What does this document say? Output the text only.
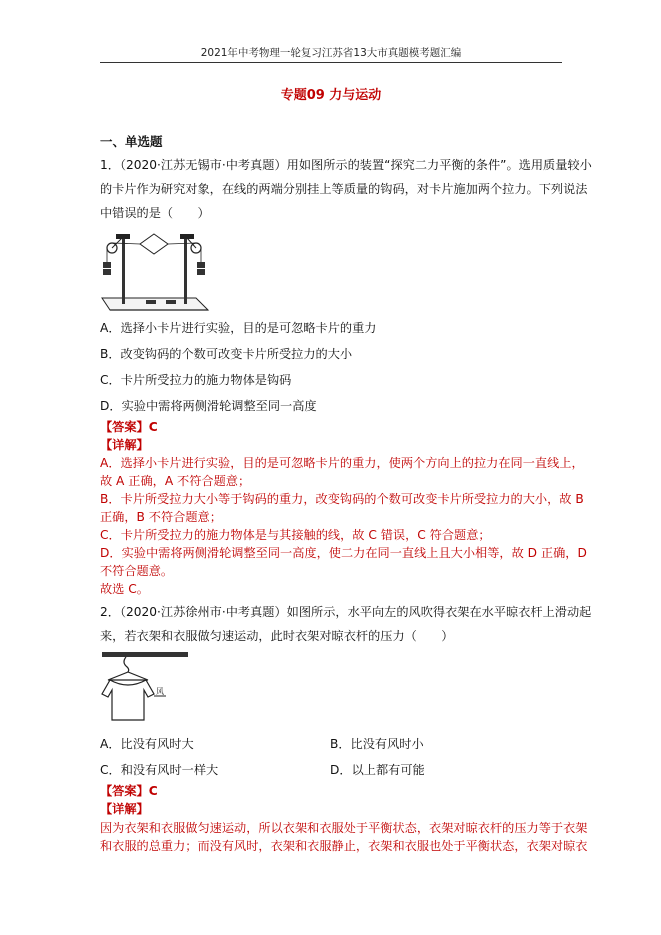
2021年中考物理一轮复习江苏省13大市真题模考题汇编
专题09 力与运动
一、单选题
1．（2020·江苏无锡市·中考真题）用如图所示的装置“探究二力平衡的条件”。选用质量较小
的卡片作为研究对象，在线的两端分别挂上等质量的钩码，对卡片施加两个拉力。下列说法
中错误的是（　　）
A．选择小卡片进行实验，目的是可忽略卡片的重力
B．改变钩码的个数可改变卡片所受拉力的大小
C．卡片所受拉力的施力物体是钩码
D．实验中需将两侧滑轮调整至同一高度
【答案】C
【详解】
A．选择小卡片进行实验，目的是可忽略卡片的重力，使两个方向上的拉力在同一直线上，
故 A 正确，A 不符合题意；
B．卡片所受拉力大小等于钩码的重力，改变钩码的个数可改变卡片所受拉力的大小，故 B
正确，B 不符合题意；
C．卡片所受拉力的施力物体是与其接触的线，故 C 错误，C 符合题意；
D．实验中需将两侧滑轮调整至同一高度，使二力在同一直线上且大小相等，故 D 正确，D
不符合题意。
故选 C。
2．（2020·江苏徐州市·中考真题）如图所示，水平向左的风吹得衣架在水平晾衣杆上滑动起
来，若衣架和衣服做匀速运动，此时衣架对晾衣杆的压力（　　）
风
A．比没有风时大	B．比没有风时小
C．和没有风时一样大	D．以上都有可能
【答案】C
【详解】
因为衣架和衣服做匀速运动，所以衣架和衣服处于平衡状态，衣架对晾衣杆的压力等于衣架
和衣服的总重力；而没有风时，衣架和衣服静止，衣架和衣服也处于平衡状态，衣架对晾衣
